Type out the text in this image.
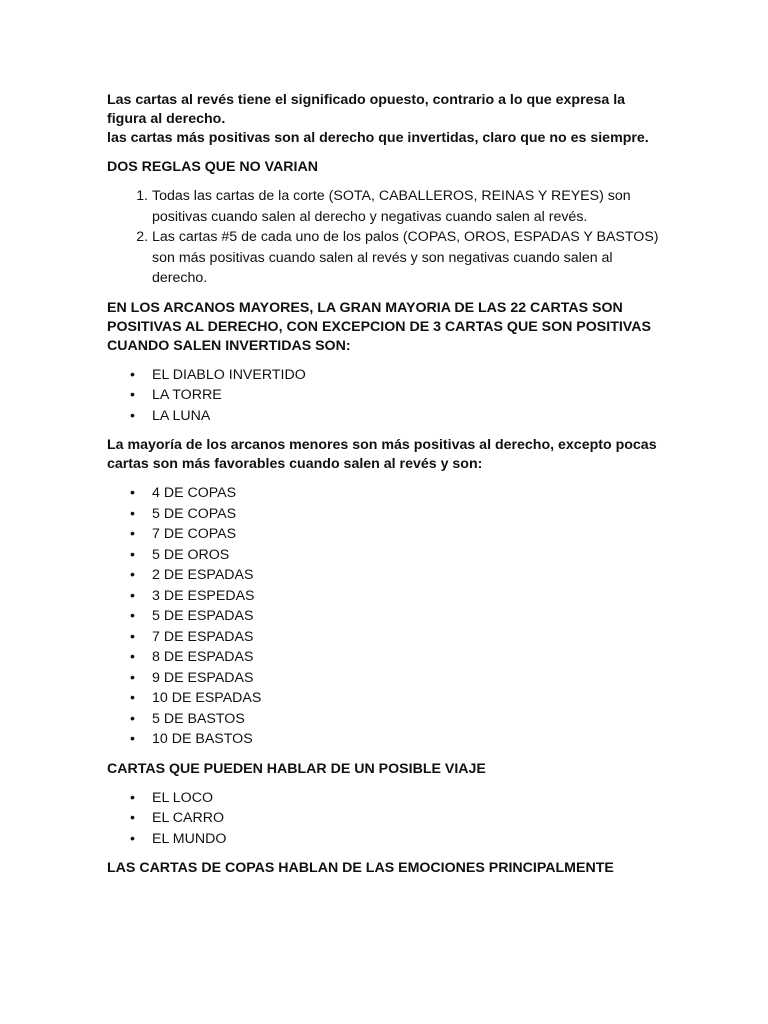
Las cartas al revés tiene el significado opuesto, contrario a lo que expresa la figura al derecho.

las cartas más positivas son al derecho que invertidas, claro que no es siempre.

DOS REGLAS QUE NO VARIAN

1. Todas las cartas de la corte (SOTA, CABALLEROS, REINAS Y REYES) son positivas cuando salen al derecho y negativas cuando salen al revés.
2. Las cartas #5 de cada uno de los palos (COPAS, OROS, ESPADAS Y BASTOS) son más positivas cuando salen al revés y son negativas cuando salen al derecho.

EN LOS ARCANOS MAYORES, LA GRAN MAYORIA DE LAS 22 CARTAS SON POSITIVAS AL DERECHO, CON EXCEPCION DE 3 CARTAS QUE SON POSITIVAS CUANDO SALEN INVERTIDAS SON:

• EL DIABLO INVERTIDO
• LA TORRE
• LA LUNA

La mayoría de los arcanos menores son más positivas al derecho, excepto pocas cartas son más favorables cuando salen al revés y son:

• 4 DE COPAS
• 5 DE COPAS
• 7 DE COPAS
• 5 DE OROS
• 2 DE ESPADAS
• 3 DE ESPEDAS
• 5 DE ESPADAS
• 7 DE ESPADAS
• 8 DE ESPADAS
• 9 DE ESPADAS
• 10 DE ESPADAS
• 5 DE BASTOS
• 10 DE BASTOS

CARTAS QUE PUEDEN HABLAR DE UN POSIBLE VIAJE

• EL LOCO
• EL CARRO
• EL MUNDO

LAS CARTAS DE COPAS HABLAN DE LAS EMOCIONES PRINCIPALMENTE
